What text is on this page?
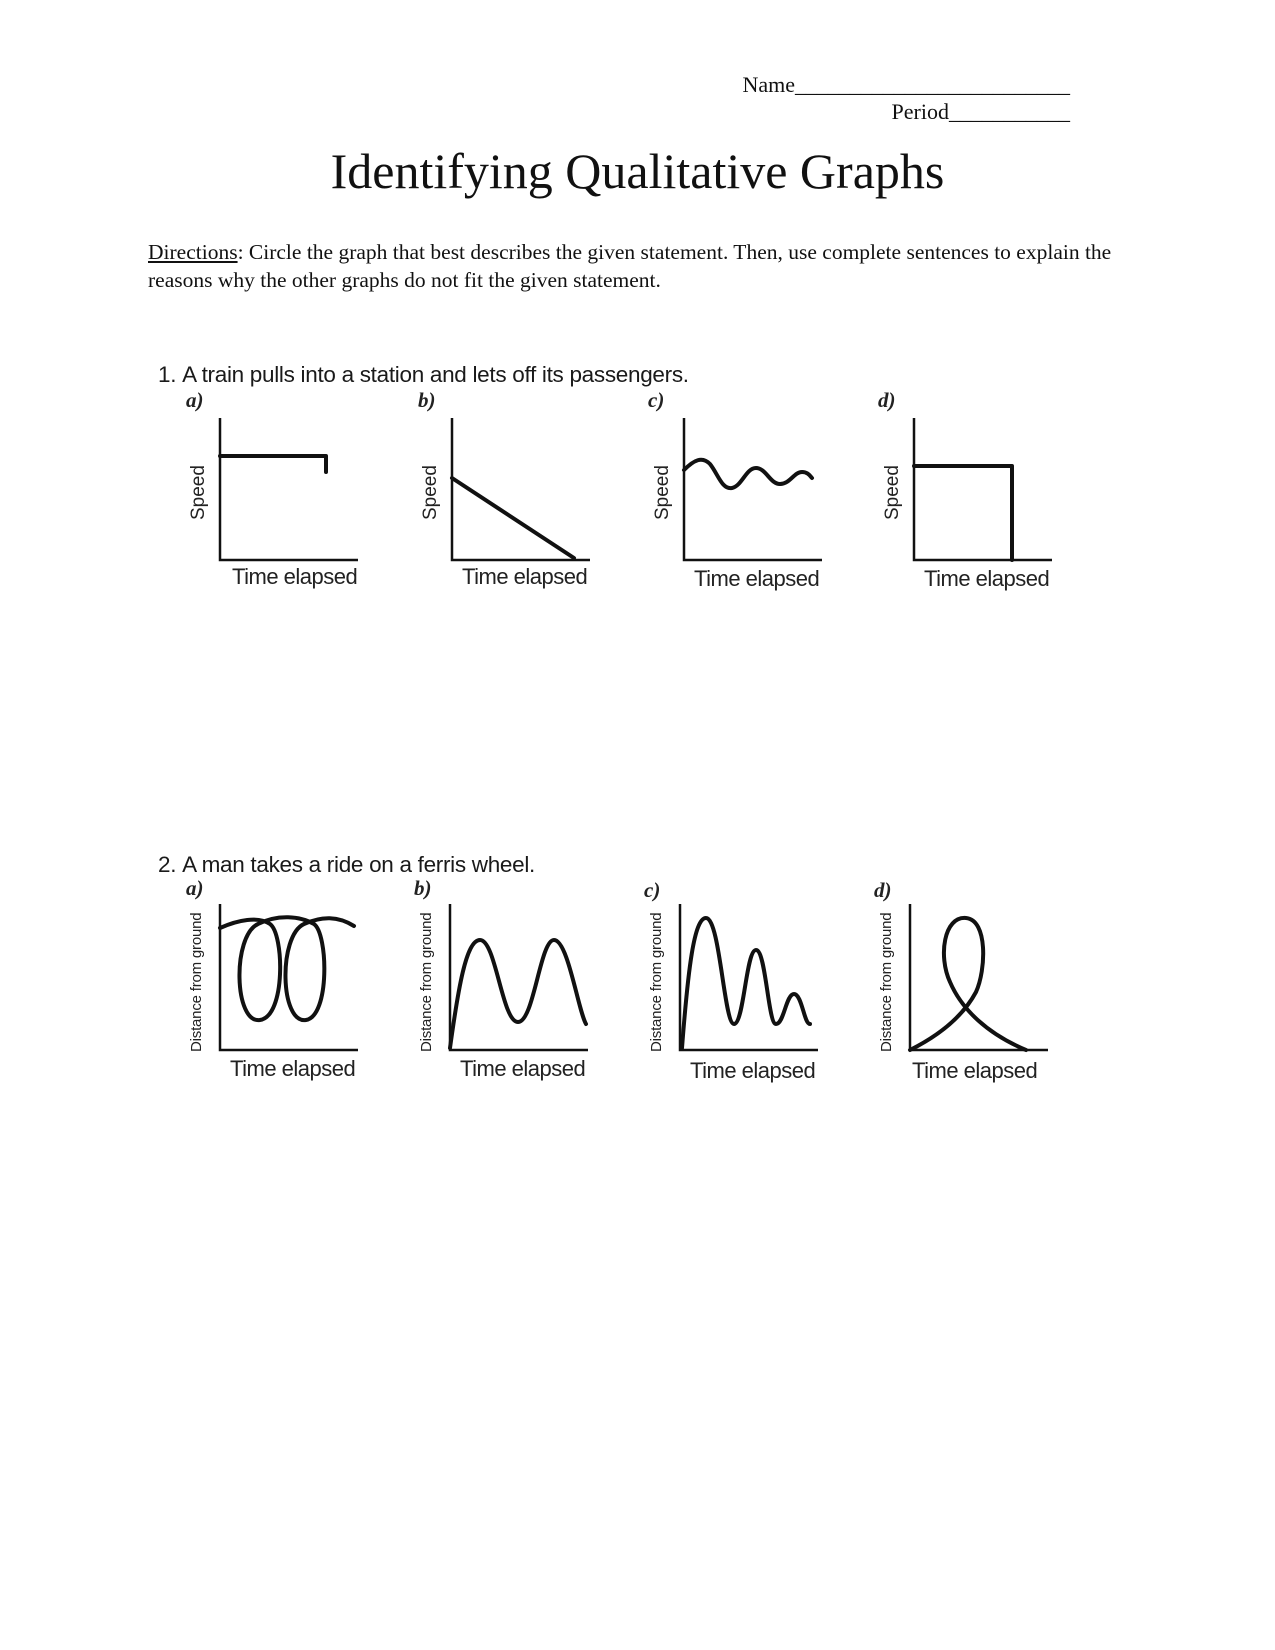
Name_________________________
Period___________
Identifying Qualitative Graphs

Directions: Circle the graph that best describes the given statement. Then, use complete sentences to explain the reasons why the other graphs do not fit the given statement.

1. A train pulls into a station and lets off its passengers.
a)
Speed
Time elapsed
b)
Speed
Time elapsed
c)
Speed
Time elapsed
d)
Speed
Time elapsed
2. A man takes a ride on a ferris wheel.
a)
Distance from ground
Time elapsed
b)
Distance from ground
Time elapsed
c)
Distance from ground
Time elapsed
d)
Distance from ground
Time elapsed
